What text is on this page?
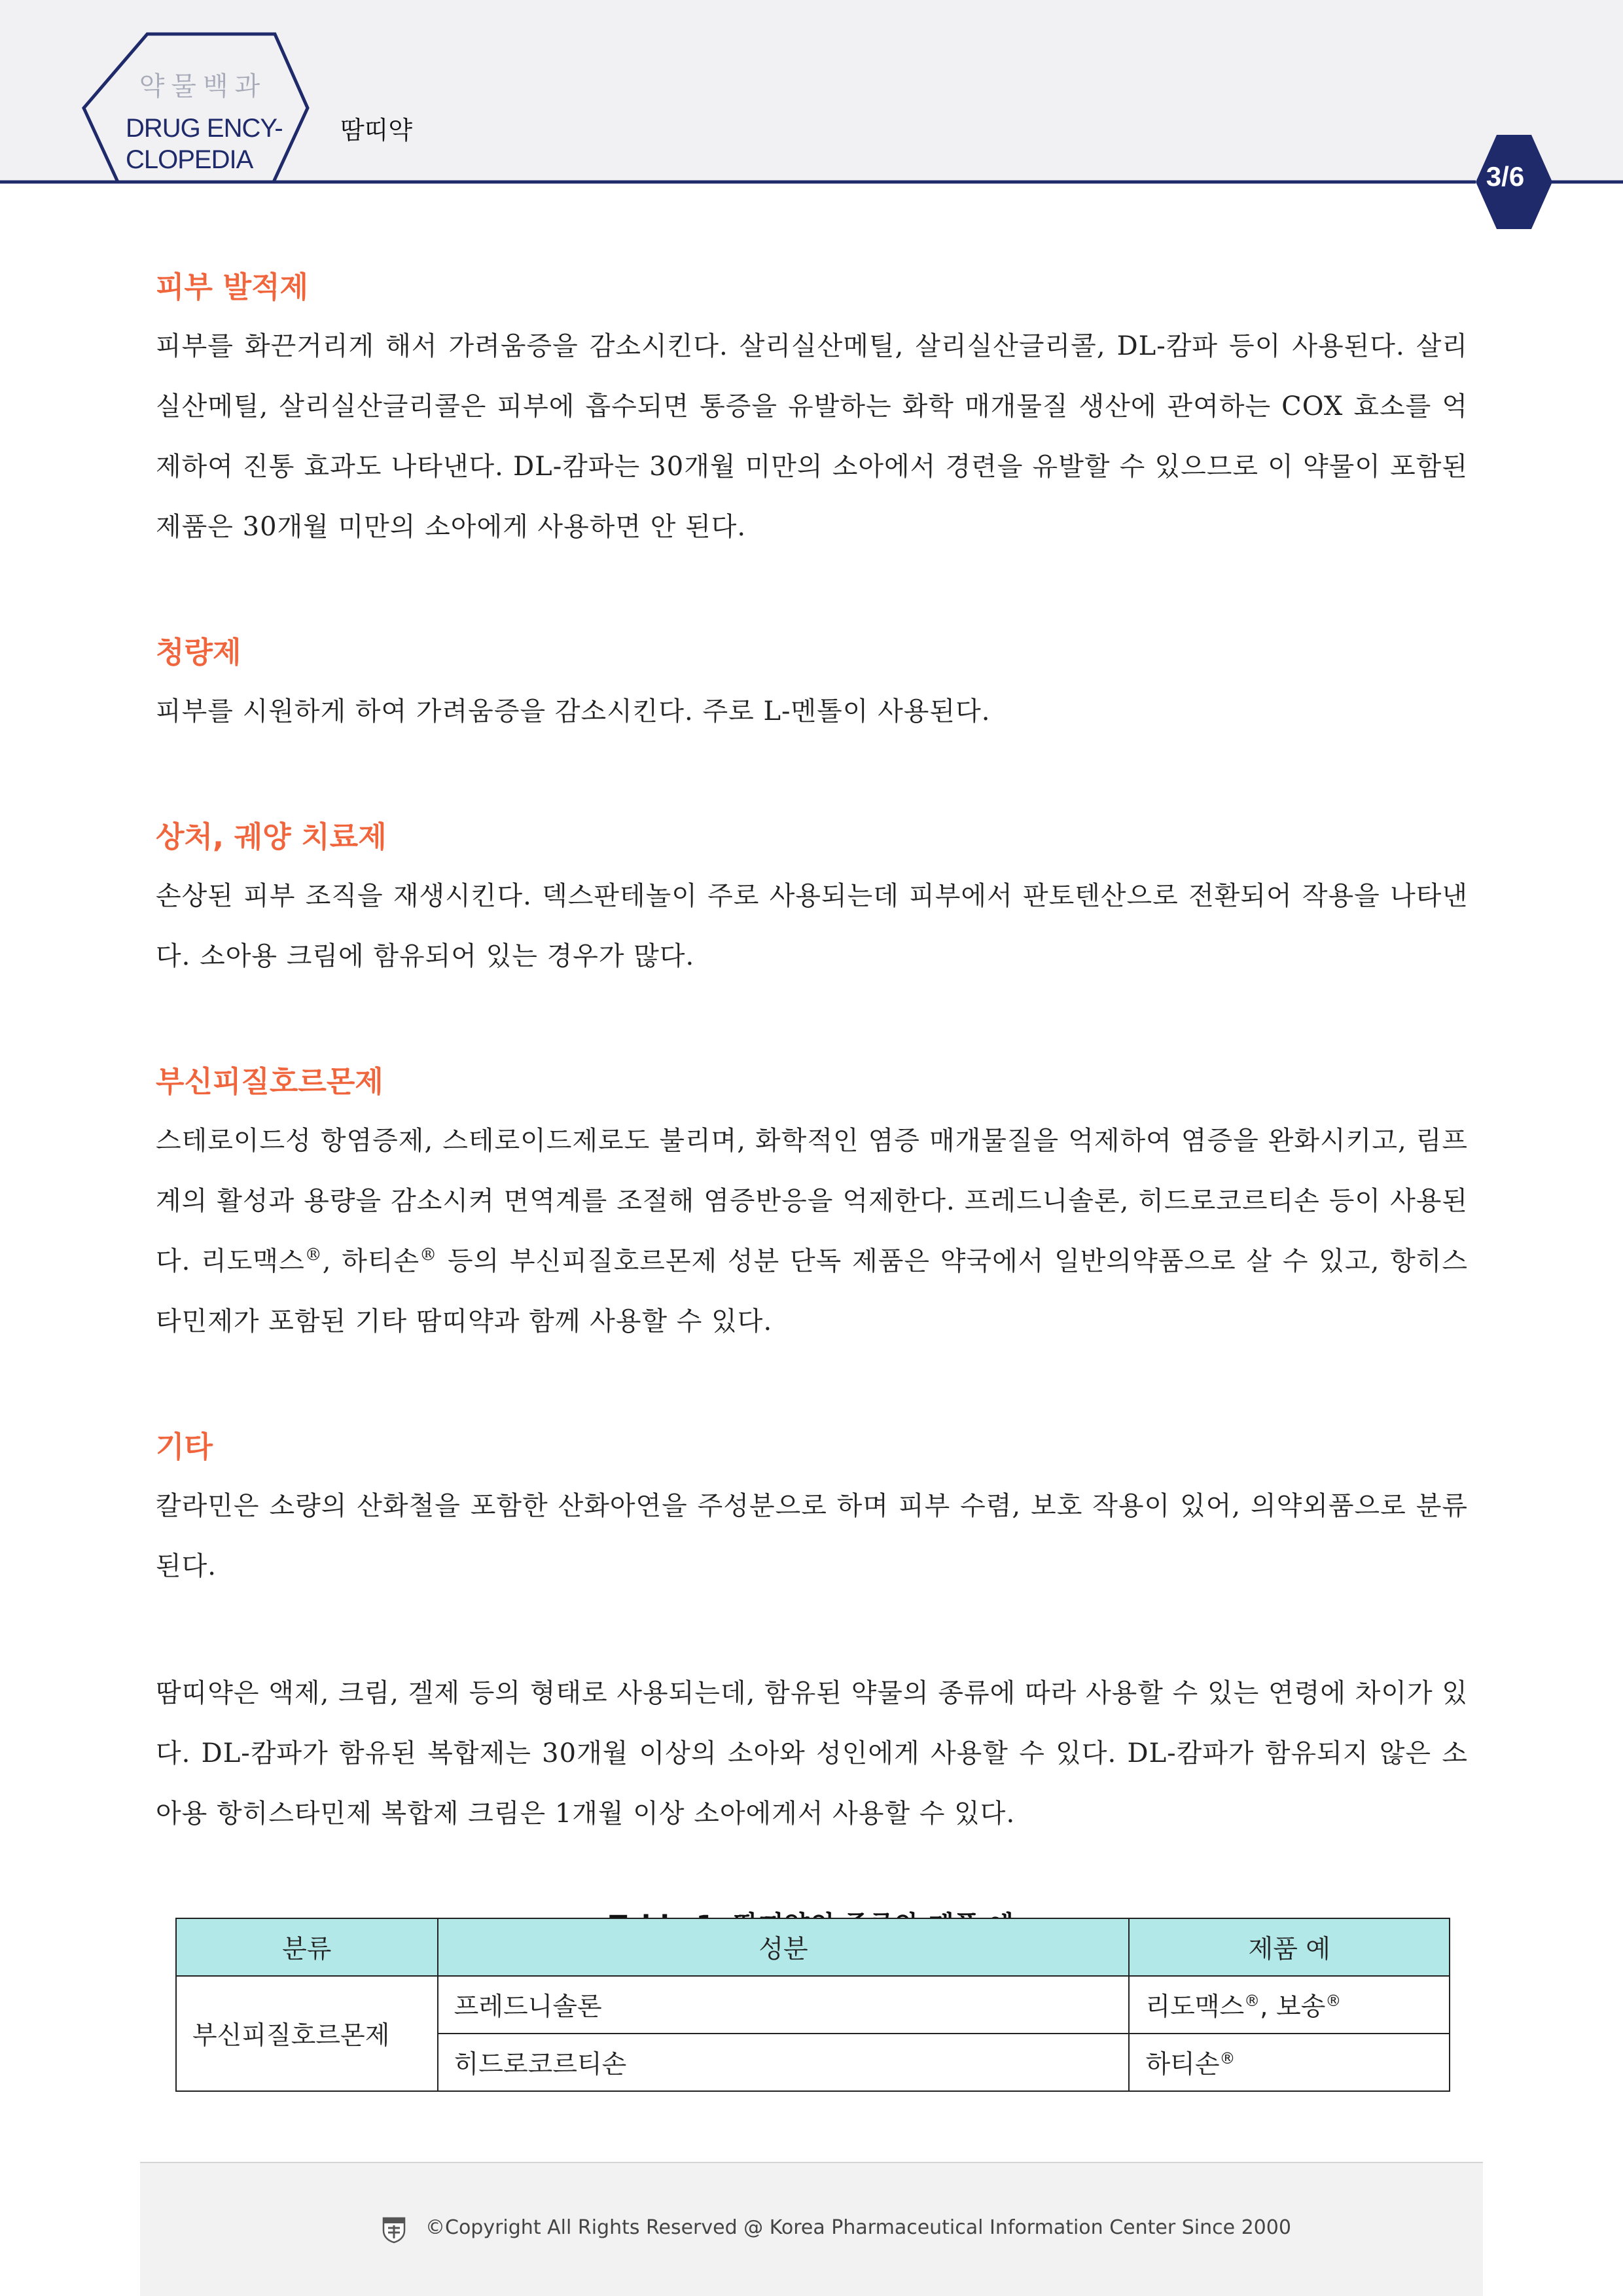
약물백과
DRUG ENCY-
CLOPEDIA
땀띠약
3/6
피부 발적제

피부를 화끈거리게 해서 가려움증을 감소시킨다. 살리실산메틸, 살리실산글리콜, DL-캄파 등이 사용된다. 살리실산메틸, 살리실산글리콜은 피부에 흡수되면 통증을 유발하는 화학 매개물질 생산에 관여하는 COX 효소를 억제하여 진통 효과도 나타낸다. DL-캄파는 30개월 미만의 소아에서 경련을 유발할 수 있으므로 이 약물이 포함된 제품은 30개월 미만의 소아에게 사용하면 안 된다.

청량제

피부를 시원하게 하여 가려움증을 감소시킨다. 주로 L-멘톨이 사용된다.

상처, 궤양 치료제

손상된 피부 조직을 재생시킨다. 덱스판테놀이 주로 사용되는데 피부에서 판토텐산으로 전환되어 작용을 나타낸다. 소아용 크림에 함유되어 있는 경우가 많다.

부신피질호르몬제

스테로이드성 항염증제, 스테로이드제로도 불리며, 화학적인 염증 매개물질을 억제하여 염증을 완화시키고, 림프계의 활성과 용량을 감소시켜 면역계를 조절해 염증반응을 억제한다. 프레드니솔론, 히드로코르티손 등이 사용된다. 리도맥스®, 하티손® 등의 부신피질호르몬제 성분 단독 제품은 약국에서 일반의약품으로 살 수 있고, 항히스타민제가 포함된 기타 땀띠약과 함께 사용할 수 있다.

기타

칼라민은 소량의 산화철을 포함한 산화아연을 주성분으로 하며 피부 수렴, 보호 작용이 있어, 의약외품으로 분류된다.

땀띠약은 액제, 크림, 겔제 등의 형태로 사용되는데, 함유된 약물의 종류에 따라 사용할 수 있는 연령에 차이가 있다. DL-캄파가 함유된 복합제는 30개월 이상의 소아와 성인에게 사용할 수 있다. DL-캄파가 함유되지 않은 소아용 항히스타민제 복합제 크림은 1개월 이상 소아에게서 사용할 수 있다.

분류	성분	제품 예
부신피질호르몬제	프레드니솔론	리도맥스®, 보송®
	히드로코르티손	하티손®
©Copyright All Rights Reserved @ Korea Pharmaceutical Information Center Since 2000
